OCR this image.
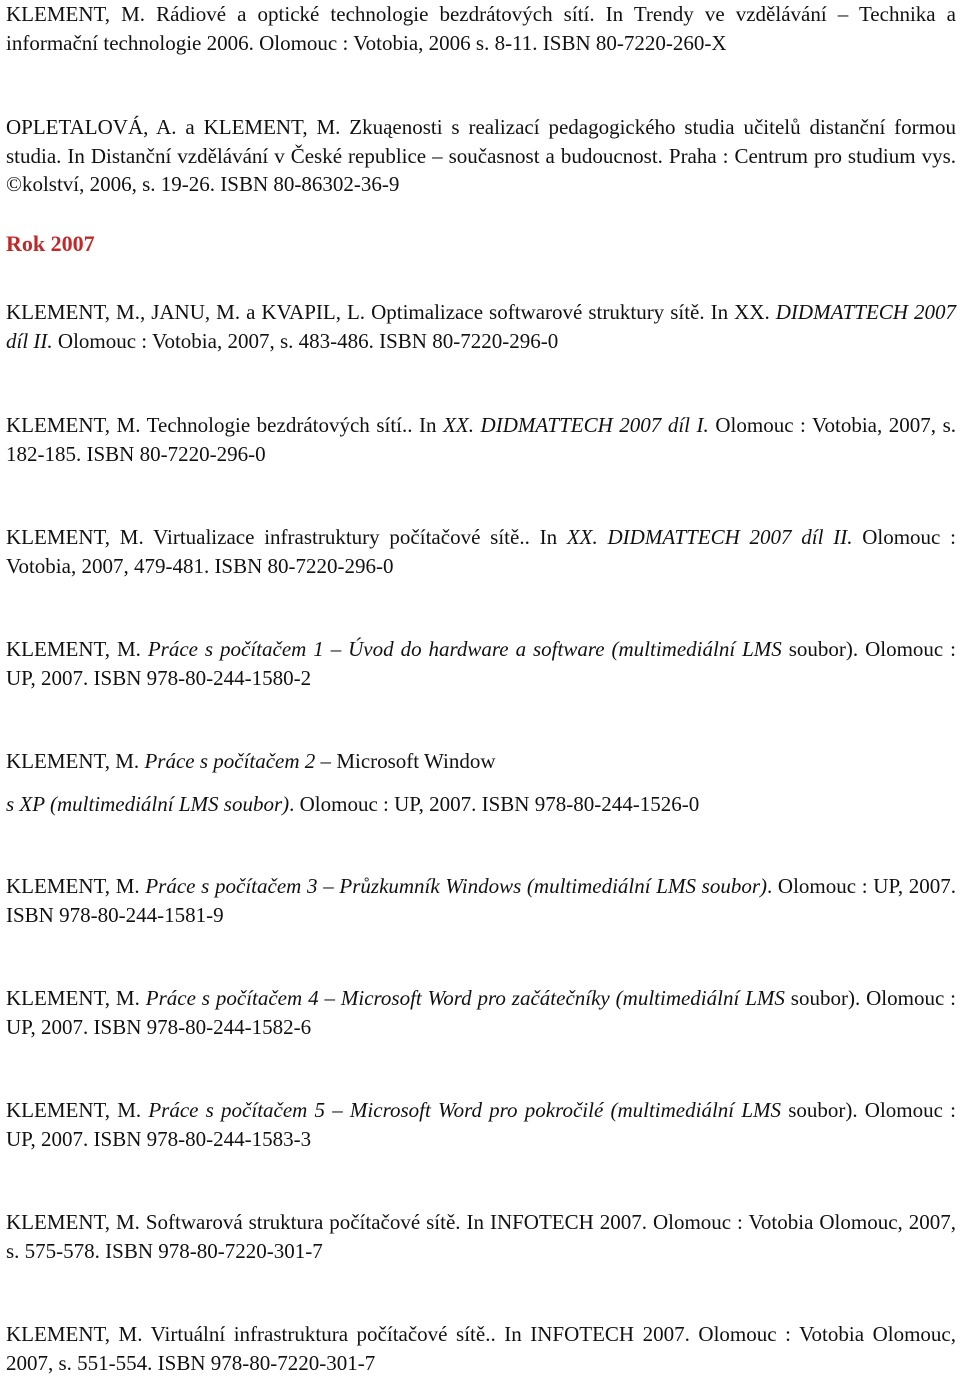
KLEMENT, M. Rádiové a optické technologie bezdrátových sítí. In Trendy ve vzdělávání – Technika a informační technologie 2006. Olomouc : Votobia, 2006 s. 8-11. ISBN 80-7220-260-X
OPLETALOVÁ, A. a KLEMENT, M. Zkuąenosti s realizací pedagogického studia učitelů distanční formou studia. In Distanční vzdělávání v České republice – současnost a budoucnost. Praha : Centrum pro studium vys. ©kolství, 2006, s. 19-26. ISBN 80-86302-36-9
Rok 2007
KLEMENT, M., JANU, M. a KVAPIL, L. Optimalizace softwarové struktury sítě. In XX. DIDMATTECH 2007 díl II. Olomouc : Votobia, 2007, s. 483-486. ISBN 80-7220-296-0
KLEMENT, M. Technologie bezdrátových sítí.. In XX. DIDMATTECH 2007 díl I. Olomouc : Votobia, 2007, s. 182-185. ISBN 80-7220-296-0
KLEMENT, M. Virtualizace infrastruktury počítačové sítě.. In XX. DIDMATTECH 2007 díl II. Olomouc : Votobia, 2007, 479-481. ISBN 80-7220-296-0
KLEMENT, M. Práce s počítačem 1 – Úvod do hardware a software (multimediální LMS soubor). Olomouc : UP, 2007. ISBN 978-80-244-1580-2
KLEMENT, M. Práce s počítačem 2 – Microsoft Window
s XP (multimediální LMS soubor). Olomouc : UP, 2007. ISBN 978-80-244-1526-0
KLEMENT, M. Práce s počítačem 3 – Průzkumník Windows (multimediální LMS soubor). Olomouc : UP, 2007. ISBN 978-80-244-1581-9
KLEMENT, M. Práce s počítačem 4 – Microsoft Word pro začátečníky (multimediální LMS soubor). Olomouc : UP, 2007. ISBN 978-80-244-1582-6
KLEMENT, M. Práce s počítačem 5 – Microsoft Word pro pokročilé (multimediální LMS soubor). Olomouc : UP, 2007. ISBN 978-80-244-1583-3
KLEMENT, M. Softwarová struktura počítačové sítě. In INFOTECH 2007. Olomouc : Votobia Olomouc, 2007, s. 575-578. ISBN 978-80-7220-301-7
KLEMENT, M. Virtuální infrastruktura počítačové sítě.. In INFOTECH 2007. Olomouc : Votobia Olomouc, 2007, s. 551-554. ISBN 978-80-7220-301-7
